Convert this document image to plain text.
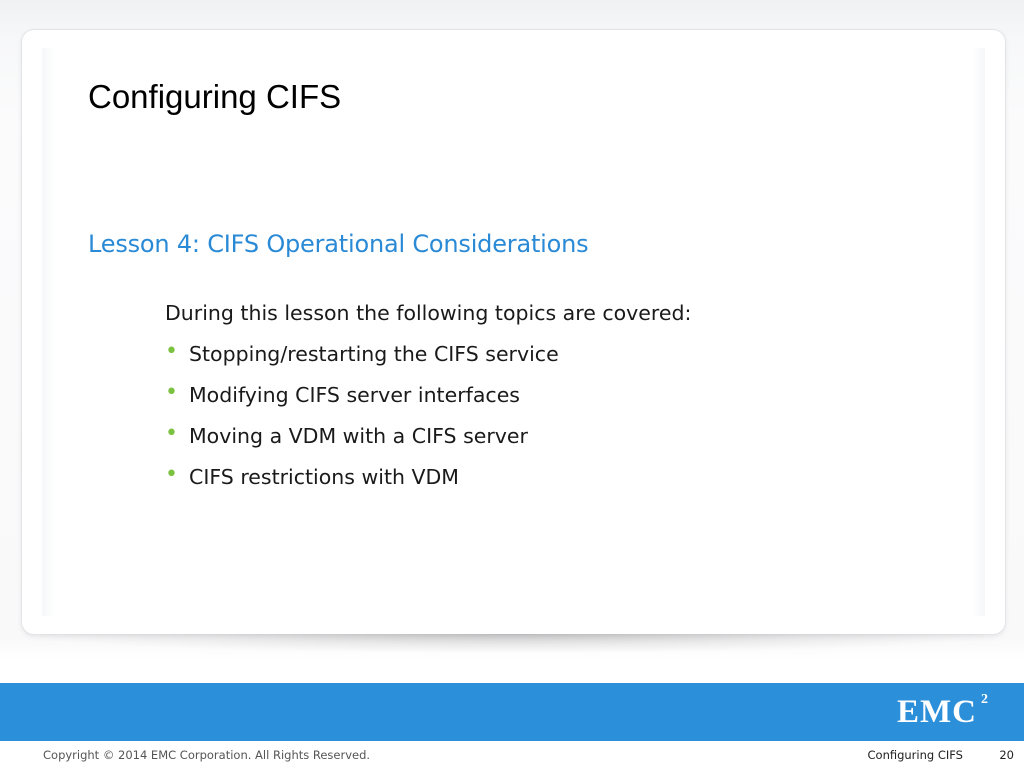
Configuring CIFS
Lesson 4: CIFS Operational Considerations
During this lesson the following topics are covered:
• Stopping/restarting the CIFS service
• Modifying CIFS server interfaces
• Moving a VDM with a CIFS server
• CIFS restrictions with VDM
EMC 2
Copyright © 2014 EMC Corporation. All Rights Reserved.	Configuring CIFS	20
